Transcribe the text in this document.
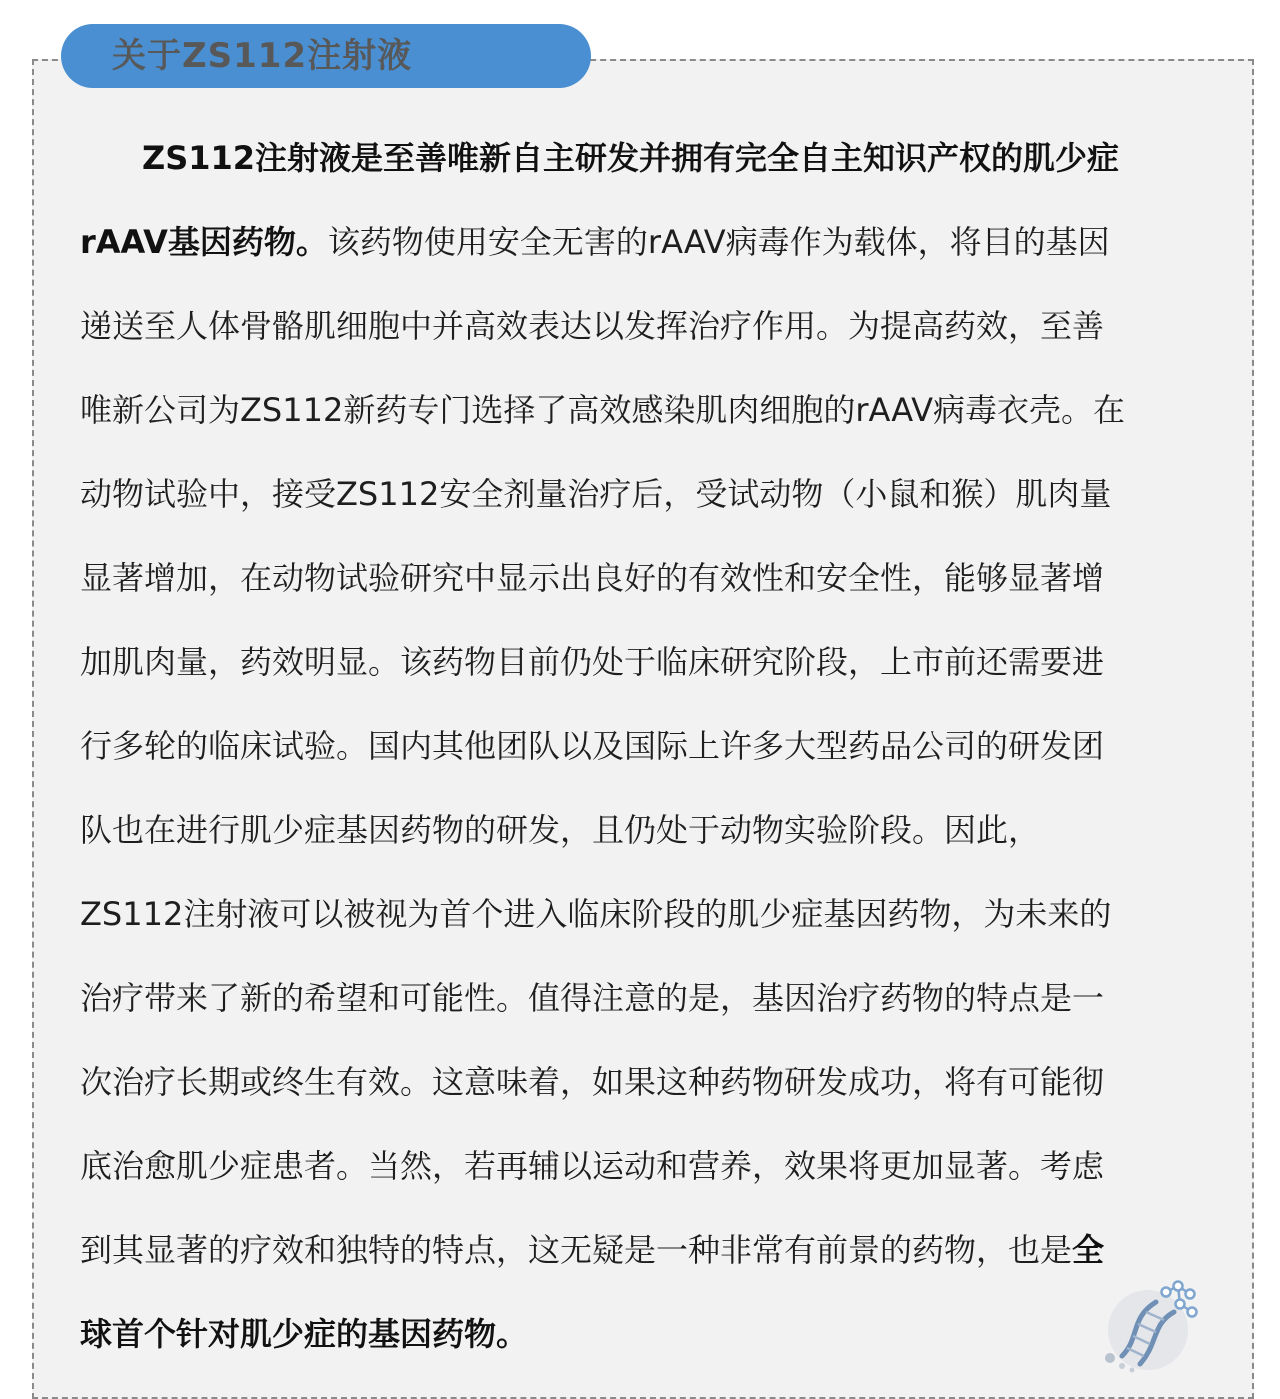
关于ZS112注射液
ZS112注射液是至善唯新自主研发并拥有完全自主知识产权的肌少症
rAAV基因药物。该药物使用安全无害的rAAV病毒作为载体，将目的基因
递送至人体骨骼肌细胞中并高效表达以发挥治疗作用。为提高药效，至善
唯新公司为ZS112新药专门选择了高效感染肌肉细胞的rAAV病毒衣壳。在
动物试验中，接受ZS112安全剂量治疗后，受试动物（小鼠和猴）肌肉量
显著增加，在动物试验研究中显示出良好的有效性和安全性，能够显著增
加肌肉量，药效明显。该药物目前仍处于临床研究阶段，上市前还需要进
行多轮的临床试验。国内其他团队以及国际上许多大型药品公司的研发团
队也在进行肌少症基因药物的研发，且仍处于动物实验阶段。因此，
ZS112注射液可以被视为首个进入临床阶段的肌少症基因药物，为未来的
治疗带来了新的希望和可能性。值得注意的是，基因治疗药物的特点是一
次治疗长期或终生有效。这意味着，如果这种药物研发成功，将有可能彻
底治愈肌少症患者。当然，若再辅以运动和营养，效果将更加显著。考虑
到其显著的疗效和独特的特点，这无疑是一种非常有前景的药物，也是全
球首个针对肌少症的基因药物。
